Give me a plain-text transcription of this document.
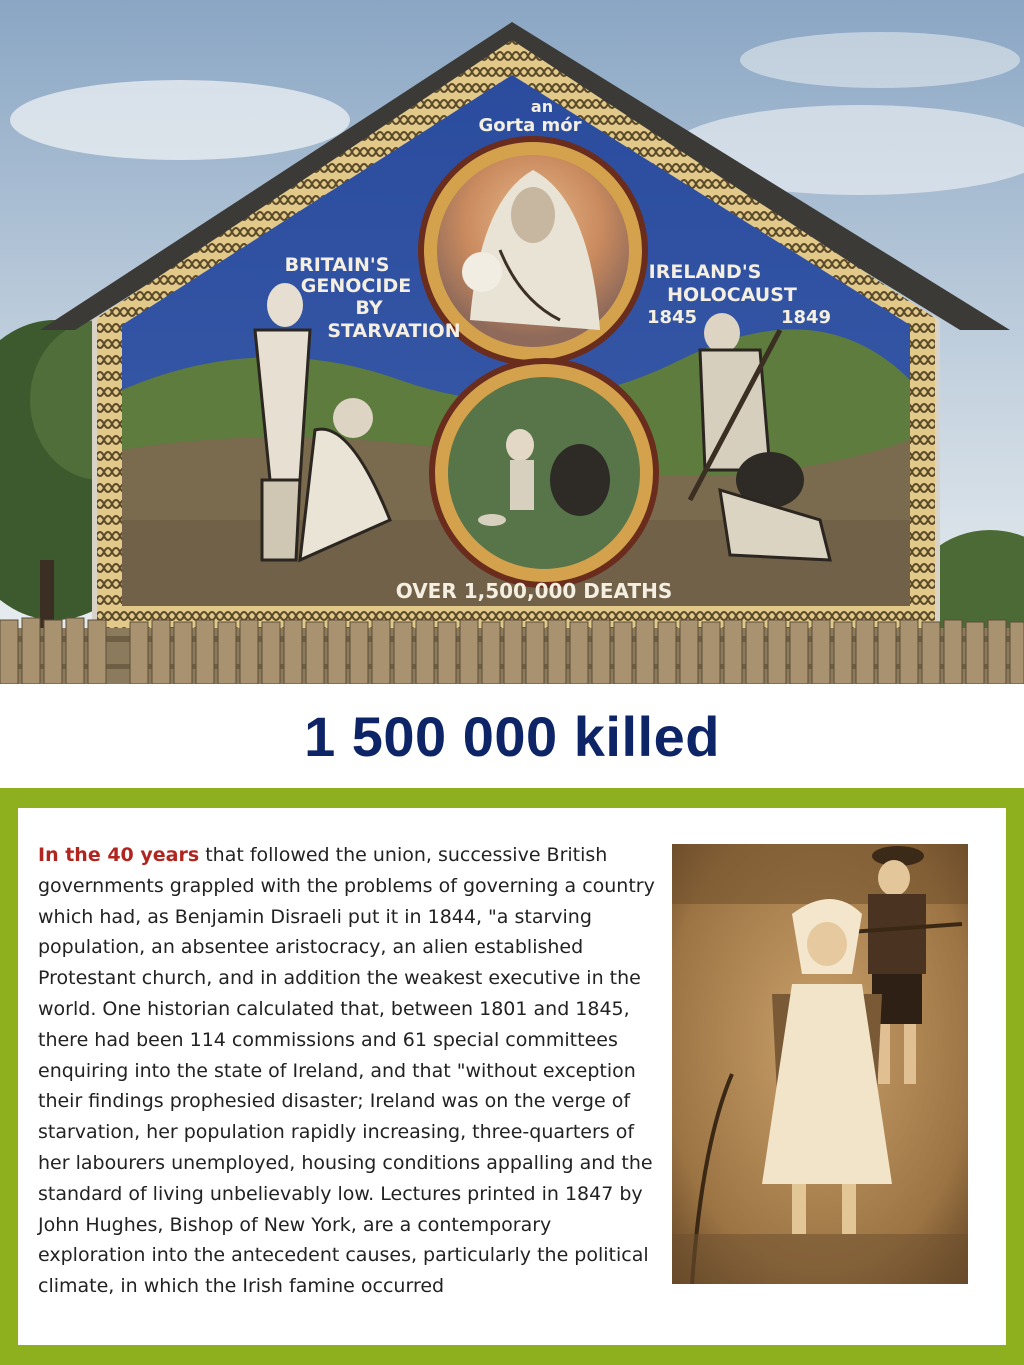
an
Gorta mór
BRITAIN'S
GENOCIDE
BY
STARVATION
IRELAND'S
HOLOCAUST
1845	1849
OVER 1,500,000 DEATHS
1 500 000 killed

In the 40 years that followed the union, successive British governments grappled with the problems of governing a country which had, as Benjamin Disraeli put it in 1844, "a starving population, an absentee aristocracy, an alien established Protestant church, and in addition the weakest executive in the world. One historian calculated that, between 1801 and 1845, there had been 114 commissions and 61 special committees enquiring into the state of Ireland, and that "without exception their findings prophesied disaster; Ireland was on the verge of starvation, her population rapidly increasing, three-quarters of her labourers unemployed, housing conditions appalling and the standard of living unbelievably low. Lectures printed in 1847 by John Hughes, Bishop of New York, are a contemporary exploration into the antecedent causes, particularly the political climate, in which the Irish famine occurred
